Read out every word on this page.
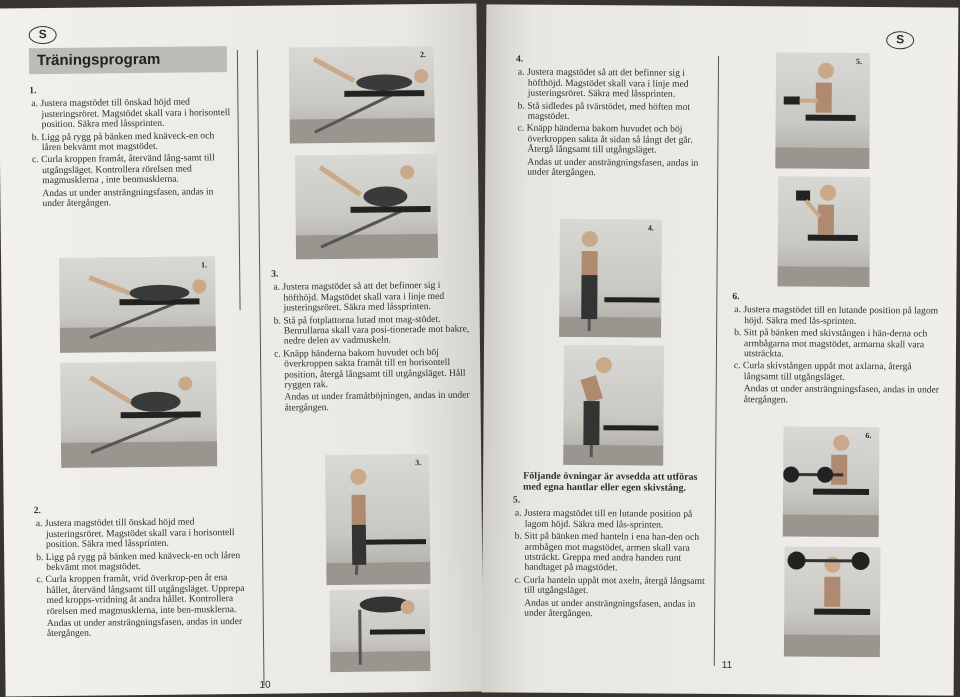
S
Träningsprogram

1.

a. Justera magstödet till önskad höjd med justeringsröret. Magstödet skall vara i horisontell position. Säkra med låssprinten.

b. Ligg på rygg på bänken med knäveck-en och låren bekvämt mot magstödet.

c. Curla kroppen framåt, återvänd lång-samt till utgångsläget. Kontrollera rörelsen med magmusklerna , inte benmusklerna.

Andas ut under ansträngningsfasen, andas in under återgången.

1.

2.

a. Justera magstödet till önskad höjd med justeringsröret. Magstödet skall vara i horisontell position. Säkra med låssprinten.

b. Ligg på rygg på bänken med knäveck-en och låren bekvämt mot magstödet.

c. Curla kroppen framåt, vrid överkrop-pen åt ena hållet, återvänd långsamt till utgångsläget. Upprepa med kropps-vridning åt andra hållet. Kontrollera rörelsen med magmusklerna, inte ben-musklerna.

Andas ut under ansträngningsfasen, andas in under återgången.

2.

3.

a. Justera magstödet så att det befinner sig i höfthöjd. Magstödet skall vara i linje med justeringsröret. Säkra med låssprinten.

b. Stå på fotplattorna lutad mot mag-stödet. Benrullarna skall vara posi-tionerade mot bakre, nedre delen av vadmuskeln.

c. Knäpp händerna bakom huvudet och böj överkroppen sakta framåt till en horisontell position, återgå långsamt till utgångsläget. Håll ryggen rak.

Andas ut under framåtböjningen, andas in under återgången.

3.
10
S

4.

a. Justera magstödet så att det befinner sig i höfthöjd. Magstödet skall vara i linje med justeringsröret. Säkra med låssprinten.

b. Stå sidledes på tvärstödet, med höften mot magstödet.

c. Knäpp händerna bakom huvudet och böj överkroppen sakta åt sidan så långt det går. Återgå långsamt till utgångsläget.

Andas ut under ansträngningsfasen, andas in under återgången.

4.

Följande övningar är avsedda att utföras med egna hantlar eller egen skivstång.

5.

a. Justera magstödet till en lutande position på lagom höjd. Säkra med lås-sprinten.

b. Sitt på bänken med hanteln i ena han-den och armbågen mot magstödet, armen skall vara utsträckt. Greppa med andra handen runt handtaget på magstödet.

c. Curla hanteln uppåt mot axeln, återgå långsamt till utgångsläget.

Andas ut under ansträngningsfasen, andas in under återgången.

5.

6.

a. Justera magstödet till en lutande position på lagom höjd. Säkra med lås-sprinten.

b. Sitt på bänken med skivstången i hän-derna och armbågarna mot magstödet, armarna skall vara utsträckta.

c. Curla skivstången uppåt mot axlarna, återgå långsamt till utgångsläget.

Andas ut under ansträngningsfasen, andas in under återgången.

6.
11
